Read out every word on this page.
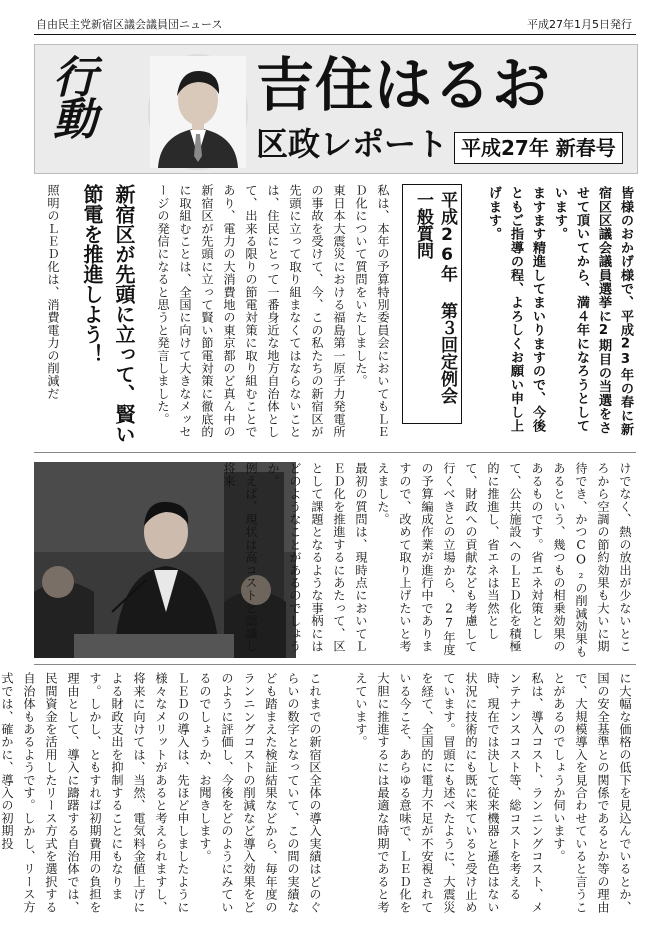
自由民主党新宿区議会議員団ニュース	平成27年1月5日発行
行動	吉住はるお
区政レポート 平成27年 新春号
皆様のおかげ様で、平成23年の春に新宿区区議会議員選挙に2期目の当選をさせて頂いてから、満４年になろうとしています。
ますます精進してまいりますので、今後ともご指導の程、よろしくお願い申し上げます。
平成26年 第３回定例会 一般質問
私は、本年の予算特別委員会においてもＬＥＤ化について質問をいたしました。
東日本大震災における福島第一原子力発電所の事故を受けて、今、この私たちの新宿区が先頭に立って取り組まなくてはならないことは、住民にとって一番身近な地方自治体として、出来る限りの節電対策に取り組むことであり、電力の大消費地の東京都のど真ん中の新宿区が先頭に立って賢い節電対策に徹底的に取組むことは、全国に向けて大きなメッセージの発信になると思うと発言しました。
新宿区が先頭に立って、賢い節電を推進しよう！
照明のＬＥＤ化は、消費電力の削減だ
けでなく、熱の放出が少ないところから空調の節約効果も大いに期待でき、かつCO₂の削減効果もあるという、幾つもの相乗効果のあるものです。省エネ対策として、公共施設へのＬＥＤ化を積極的に推進し、省エネは当然として、財政への貢献なども考慮して行くべきとの立場から、27年度の予算編成作業が進行中でありますので、改めて取り上げたいと考えました。
最初の質問は、現時点においてＬＥＤ化を推進するにあたって、区として課題となるような事柄にはどのようなことがあるのでしょうか。
例えば、現状は高コストと認識し将来
に大幅な価格の低下を見込んでいるとか、国の安全基準との関係であるとか等の理由で、大規模導入を見合わせていると言うことがあるのでしょうか伺います。
私は、導入コスト、ランニングコスト、メンテナンスコスト等、総コストを考える時、現在では決して従来機器と遜色はない状況に技術的にも既に来ていると受け止めています。冒頭にも述べたように、大震災を経て、全国的に電力不足が不安視されている今こそ、あらゆる意味で、ＬＥＤ化を大胆に推進するには最適な時期であると考えています。
これまでの新宿区全体の導入実績はどのぐらいの数字となっていて、この間の実績なども踏まえた検証結果などから、毎年度のランニングコストの削減など導入効果をどのように評価し、今後をどのようにみているのでしょうか、お聞きします。
ＬＥＤの導入は、先ほど申しましたように様々なメリットがあると考えられますし、将来に向けては、当然、電気料金値上げによる財政支出を抑制することにもなります。しかし、ともすれば初期費用の負担を理由として、導入に躊躇する自治体では、民間資金を活用したリース方式を選択する自治体もあるようです。しかし、リース方式では、確かに、導入の初期投
